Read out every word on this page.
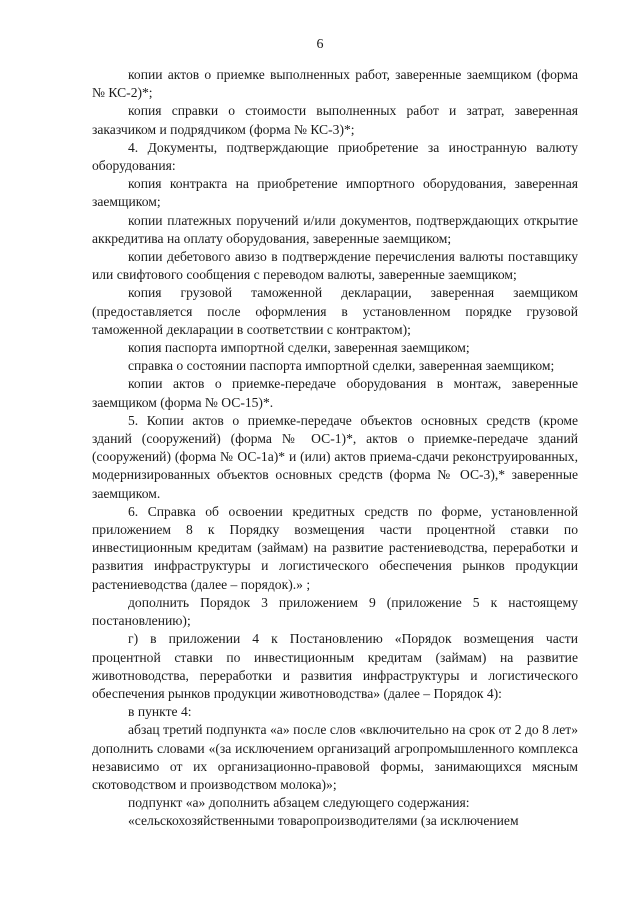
6

копии актов о приемке выполненных работ, заверенные заемщиком (форма № КС-2)*;

копия справки о стоимости выполненных работ и затрат, заверенная заказчиком и подрядчиком (форма № КС-3)*;

4. Документы, подтверждающие приобретение за иностранную валюту оборудования:

копия контракта на приобретение импортного оборудования, заверенная заемщиком;

копии платежных поручений и/или документов, подтверждающих открытие аккредитива на оплату оборудования, заверенные заемщиком;

копии дебетового авизо в подтверждение перечисления валюты поставщику или свифтового сообщения с переводом валюты, заверенные заемщиком;

копия грузовой таможенной декларации, заверенная заемщиком (предоставляется после оформления в установленном порядке грузовой таможенной декларации в соответствии с контрактом);

копия паспорта импортной сделки, заверенная заемщиком;

справка о состоянии паспорта импортной сделки, заверенная заемщиком;

копии актов о приемке-передаче оборудования в монтаж, заверенные заемщиком (форма № ОС-15)*.

5. Копии актов о приемке-передаче объектов основных средств (кроме зданий (сооружений) (форма № ОС-1)*, актов о приемке-передаче зданий (сооружений) (форма № ОС-1а)* и (или) актов приема-сдачи реконструированных, модернизированных объектов основных средств (форма № ОС-3),* заверенные заемщиком.

6. Справка об освоении кредитных средств по форме, установленной приложением 8 к Порядку возмещения части процентной ставки по инвестиционным кредитам (займам) на развитие растениеводства, переработки и развития инфраструктуры и логистического обеспечения рынков продукции растениеводства (далее – порядок).» ;

дополнить Порядок 3 приложением 9 (приложение 5 к настоящему постановлению);

г) в приложении 4 к Постановлению «Порядок возмещения части процентной ставки по инвестиционным кредитам (займам) на развитие животноводства, переработки и развития инфраструктуры и логистического обеспечения рынков продукции животноводства» (далее – Порядок 4):

в пункте 4:

абзац третий подпункта «а» после слов «включительно на срок от 2 до 8 лет» дополнить словами «(за исключением организаций агропромышленного комплекса независимо от их организационно-правовой формы, занимающихся мясным скотоводством и производством молока)»;

подпункт «а» дополнить абзацем следующего содержания:

«сельскохозяйственными товаропроизводителями (за исключением
